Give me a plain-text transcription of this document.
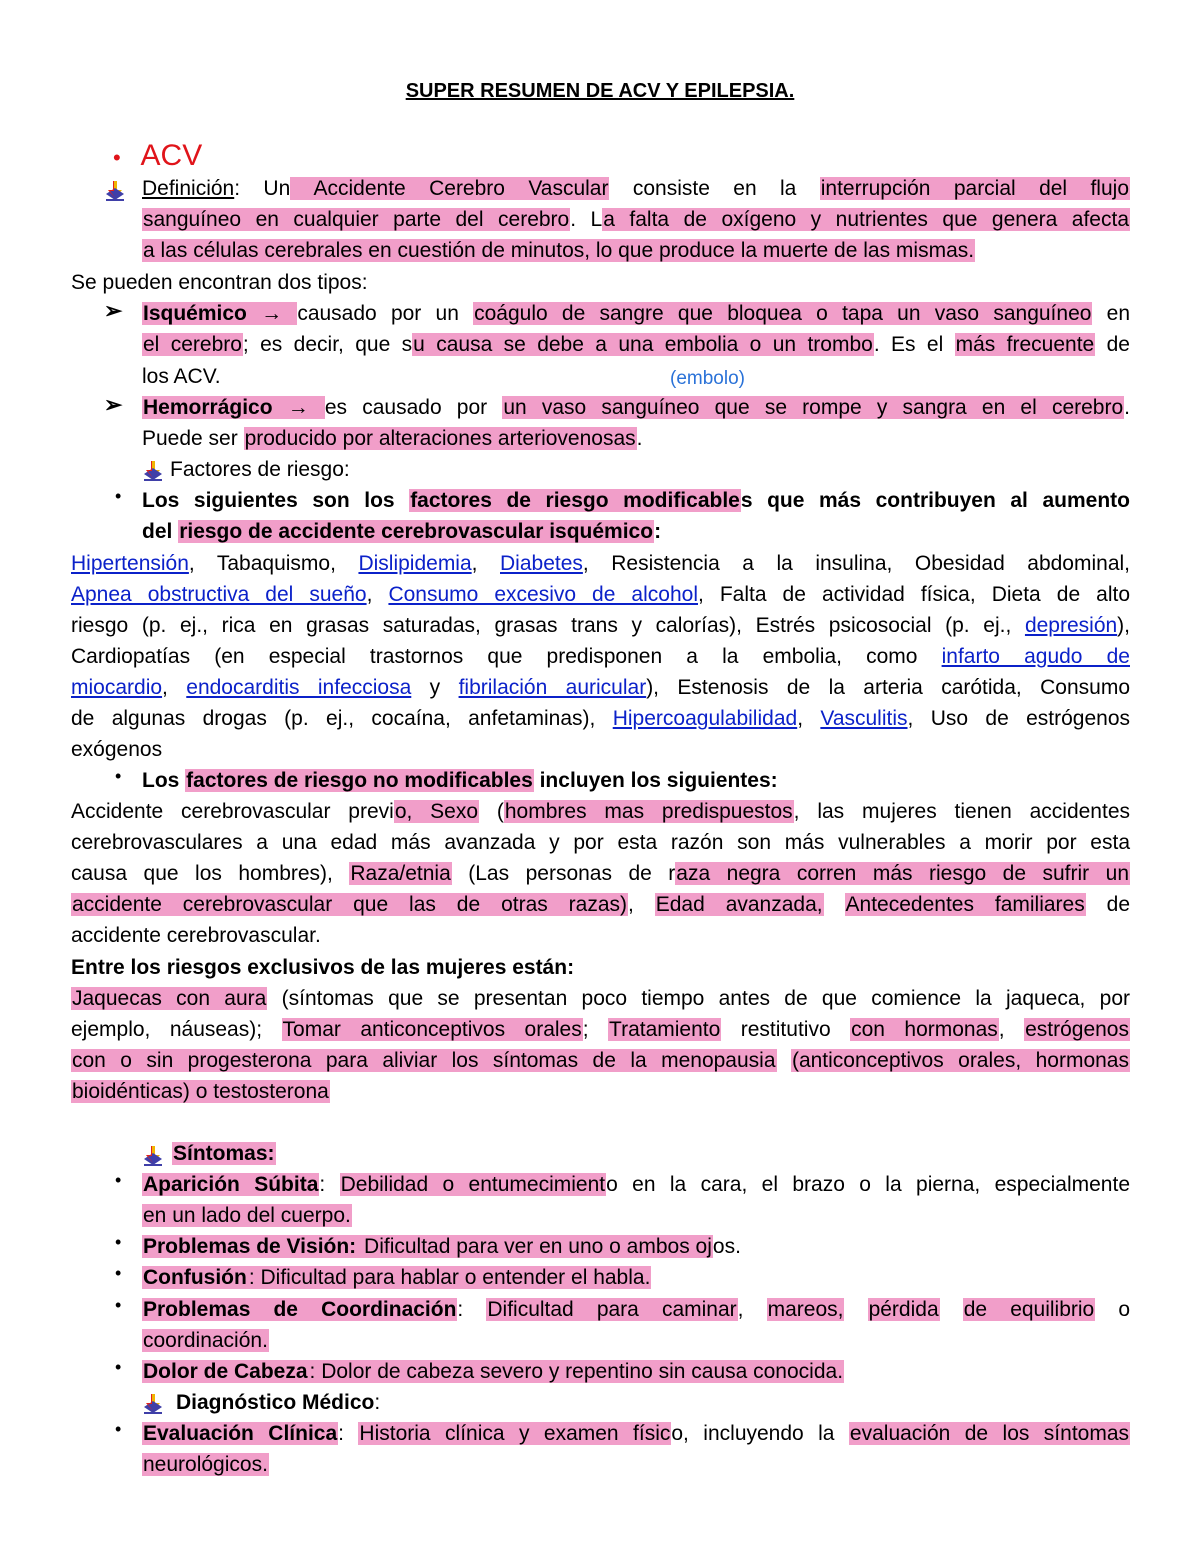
SUPER RESUMEN DE ACV Y EPILEPSIA.
• ACV
Definición: Un Accidente Cerebro Vascular consiste en la interrupción parcial del flujo
sanguíneo en cualquier parte del cerebro. La falta de oxígeno y nutrientes que genera afecta
a las células cerebrales en cuestión de minutos, lo que produce la muerte de las mismas.
Se pueden encontran dos tipos:
➢ Isquémico → causado por un coágulo de sangre que bloquea o tapa un vaso sanguíneo en
el cerebro; es decir, que su causa se debe a una embolia o un trombo. Es el más frecuente de
los ACV.	(embolo)
➢ Hemorrágico → es causado por un vaso sanguíneo que se rompe y sangra en el cerebro.
Puede ser producido por alteraciones arteriovenosas.
Factores de riesgo:
• Los siguientes son los factores de riesgo modificables que más contribuyen al aumento
del riesgo de accidente cerebrovascular isquémico:
Hipertensión, Tabaquismo, Dislipidemia, Diabetes, Resistencia a la insulina, Obesidad abdominal,
Apnea obstructiva del sueño, Consumo excesivo de alcohol, Falta de actividad física, Dieta de alto
riesgo (p. ej., rica en grasas saturadas, grasas trans y calorías), Estrés psicosocial (p. ej., depresión),
Cardiopatías (en especial trastornos que predisponen a la embolia, como infarto agudo de
miocardio, endocarditis infecciosa y fibrilación auricular), Estenosis de la arteria carótida, Consumo
de algunas drogas (p. ej., cocaína, anfetaminas), Hipercoagulabilidad, Vasculitis, Uso de estrógenos
exógenos
• Los factores de riesgo no modificables incluyen los siguientes:
Accidente cerebrovascular previo, Sexo (hombres mas predispuestos, las mujeres tienen accidentes
cerebrovasculares a una edad más avanzada y por esta razón son más vulnerables a morir por esta
causa que los hombres), Raza/etnia (Las personas de raza negra corren más riesgo de sufrir un
accidente cerebrovascular que las de otras razas), Edad avanzada, Antecedentes familiares de
accidente cerebrovascular.
Entre los riesgos exclusivos de las mujeres están:
Jaquecas con aura (síntomas que se presentan poco tiempo antes de que comience la jaqueca, por
ejemplo, náuseas); Tomar anticonceptivos orales; Tratamiento restitutivo con hormonas, estrógenos
con o sin progesterona para aliviar los síntomas de la menopausia (anticonceptivos orales, hormonas
bioidénticas) o testosterona
Síntomas:
• Aparición Súbita: Debilidad o entumecimiento en la cara, el brazo o la pierna, especialmente
en un lado del cuerpo.
• Problemas de Visión: Dificultad para ver en uno o ambos ojos.
• Confusión: Dificultad para hablar o entender el habla.
• Problemas de Coordinación: Dificultad para caminar, mareos, pérdida de equilibrio o
coordinación.
• Dolor de Cabeza: Dolor de cabeza severo y repentino sin causa conocida.
Diagnóstico Médico:
• Evaluación Clínica: Historia clínica y examen físico, incluyendo la evaluación de los síntomas
neurológicos.
